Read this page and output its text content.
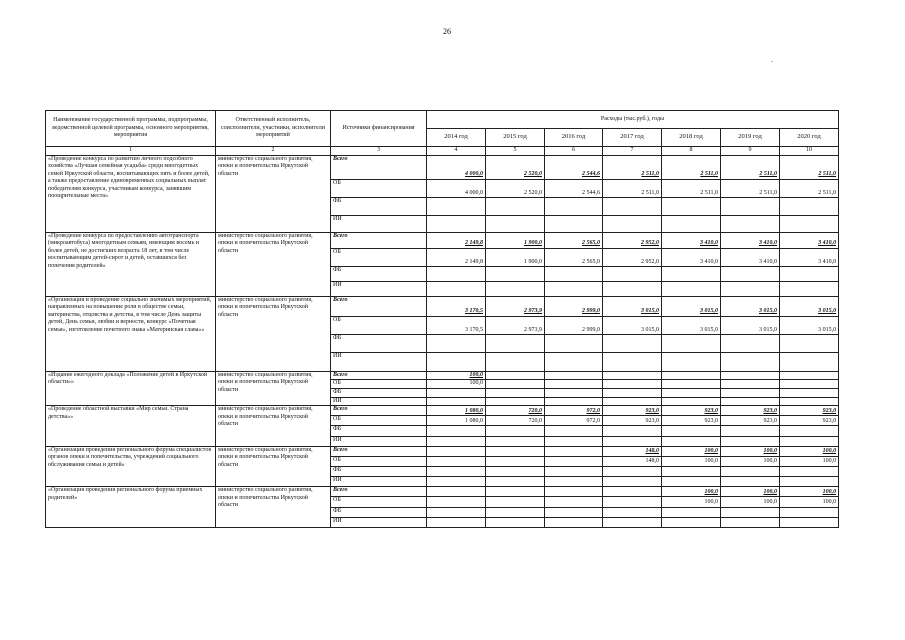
26
.
Наименование государственной программы, подпрограммы, ведомственной целевой программы, основного мероприятия, мероприятия	Ответственный исполнитель, соисполнители, участники, исполнители мероприятий	Источники финансирования	Расходы (тыс.руб.), годы						
			2014 год	2015 год	2016 год	2017 год	2018 год	2019 год	2020 год
1	2	3	4	5	6	7	8	9	10
«Проведение конкурса по развитию личного подсобного хозяйства «Лучшая семейная усадьба» среди многодетных семей Иркутской области, воспитывающих пять и более детей, а также предоставление единовременных социальных выплат победителям конкурса, участникам конкурса, занявшим поощрительные места»	министерство социального развития, опеки и попечительства Иркутской области	Всего	4 000,0	2 520,0	2 544,6	2 511,0	2 511,0	2 511,0	2 511,0
		ОБ	4 000,0	2 520,0	2 544,6	2 511,0	2 511,0	2 511,0	2 511,0
		ФБ							
		ИИ							
«Проведение конкурса по предоставлению автотранспорта (микроавтобуса) многодетным семьям, имеющим восемь и более детей, не достигших возраста 18 лет, в том числе воспитывающим детей-сирот и детей, оставшихся без попечения родителей»	министерство социального развития, опеки и попечительства Иркутской области	Всего	2 149,8	1 900,0	2 565,0	2 952,0	3 410,0	3 410,0	3 410,0
		ОБ	2 149,8	1 900,0	2 565,0	2 952,0	3 410,0	3 410,0	3 410,0
		ФБ							
		ИИ							
«Организация и проведение социально значимых мероприятий, направленных на повышение роли в обществе семьи, материнства, отцовства и детства, в том числе День защиты детей, День семьи, любви и верности, конкурс «Почетная семья», изготовление почетного знака «Материнская слава»»	министерство социального развития, опеки и попечительства Иркутской области	Всего	3 170,5	2 973,9	2 999,0	3 015,0	3 015,0	3 015,0	3 015,0
		ОБ	3 170,5	2 973,9	2 999,0	3 015,0	3 015,0	3 015,0	3 015,0
		ФБ							
		ИИ							
«Издание ежегодного доклада «Положение детей в Иркутской области»»	министерство социального развития, опеки и попечительства Иркутской области	Всего	100,0						
		ОБ	100,0						
		ФБ							
		ИИ							
«Проведение областной выставки «Мир семьи. Страна детства»»	министерство социального развития, опеки и попечительства Иркутской области	Всего	1 080,0	720,0	972,0	923,0	923,0	923,0	923,0
		ОБ	1 080,0	720,0	972,0	923,0	923,0	923,0	923,0
		ФБ							
		ИИ							
«Организация проведения регионального форума специалистов органов опеки и попечительства, учреждений социального обслуживания семьи и детей»	министерство социального развития, опеки и попечительства Иркутской области	Всего				148,0	100,0	100,0	100,0
		ОБ				148,0	100,0	100,0	100,0
		ФБ							
		ИИ							
«Организация проведения регионального форума приемных родителей»	министерство социального развития, опеки и попечительства Иркутской области	Всего					100,0	100,0	100,0
		ОБ					100,0	100,0	100,0
		ФБ							
		ИИ							
